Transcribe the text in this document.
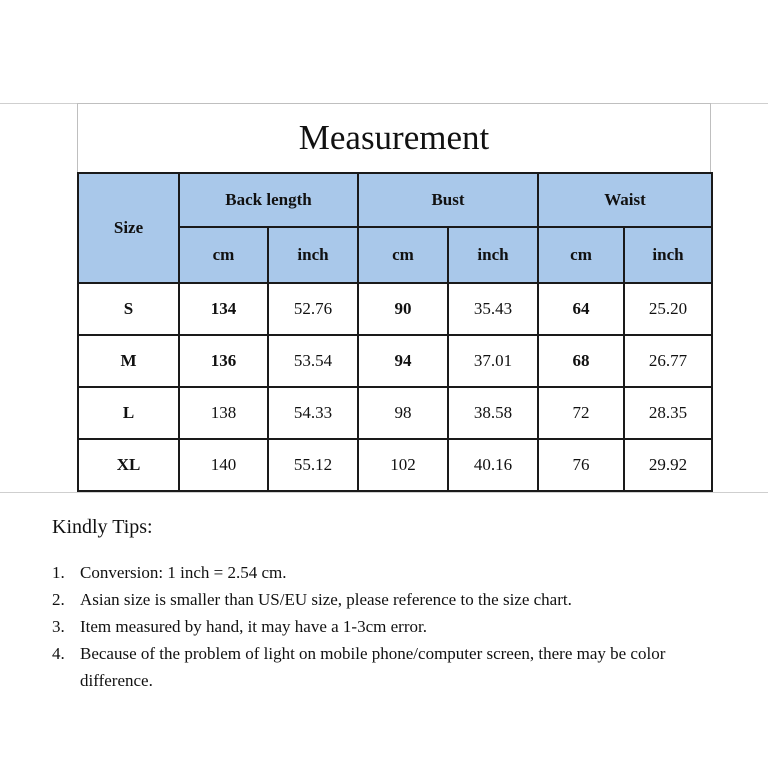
Measurement
Size	Back length		Bust		Waist	
	cm	inch	cm	inch	cm	inch
S	134	52.76	90	35.43	64	25.20
M	136	53.54	94	37.01	68	26.77
L	138	54.33	98	38.58	72	28.35
XL	140	55.12	102	40.16	76	29.92
Kindly Tips:
1. Conversion: 1 inch = 2.54 cm.
2. Asian size is smaller than US/EU size, please reference to the size chart.
3. Item measured by hand, it may have a 1-3cm error.
4. Because of the problem of light on mobile phone/computer screen, there may be color difference.
